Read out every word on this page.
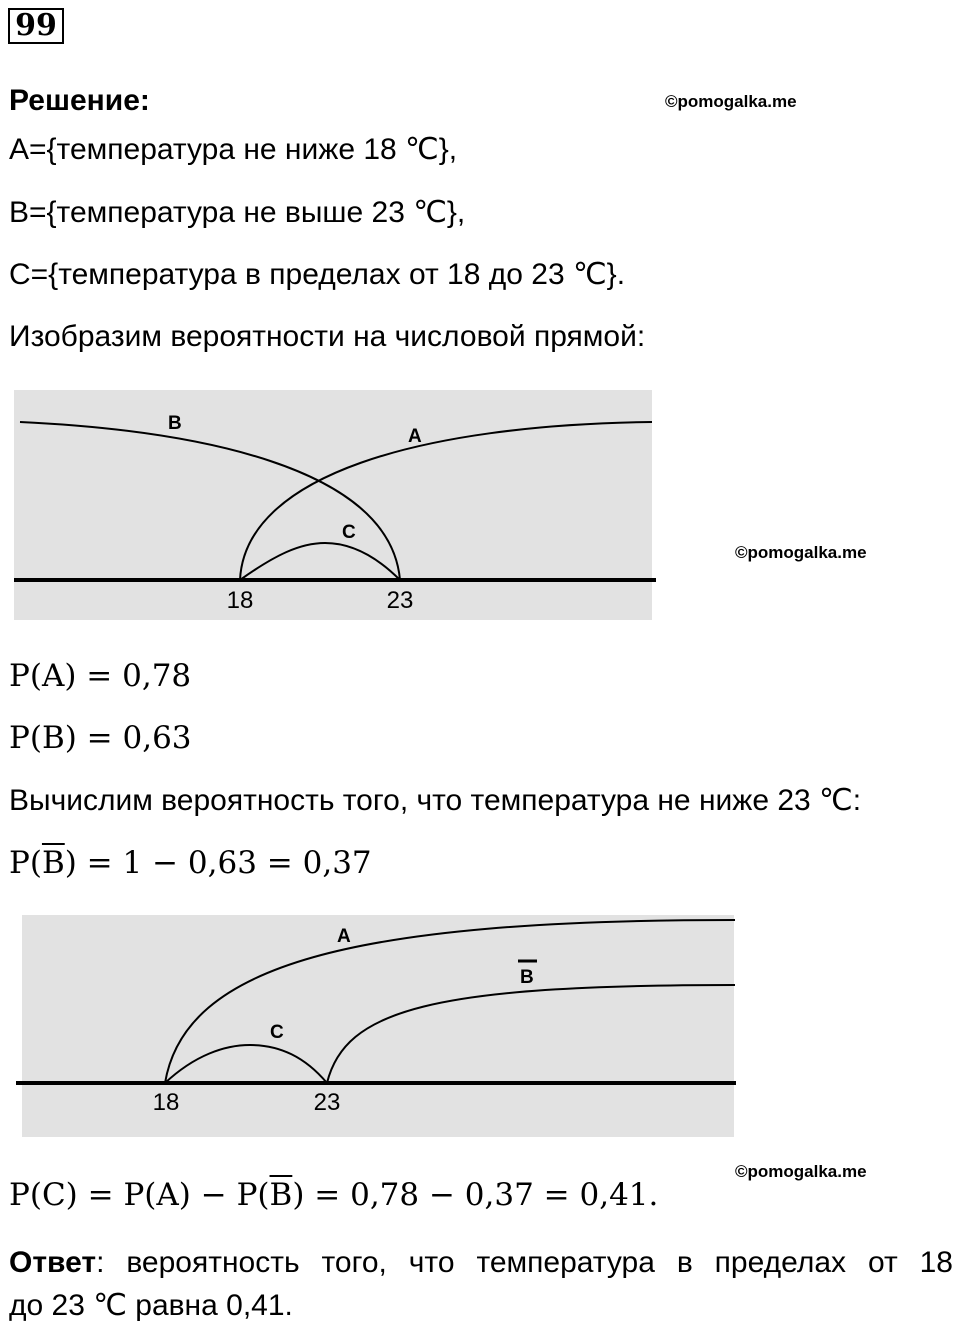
99
Решение:	©pomogalka.me
A={температура не ниже 18 ℃},
B={температура не выше 23 ℃},
C={температура в пределах от 18 до 23 ℃}.
Изобразим вероятности на числовой прямой:
B
A
C
18	23
©pomogalka.me
P(A) = 0,78
P(B) = 0,63
Вычислим вероятность того, что температура не ниже 23 ℃:
$P(\overline{B}) = 1 - 0,63 = 0,37$
A
B
C
18	23
©pomogalka.me
$P(C) = P(A) - P(\overline{B}) = 0,78 - 0,37 = 0,41$.
Ответ: вероятность того, что температура в пределах от 18
до 23 ℃ равна 0,41.
